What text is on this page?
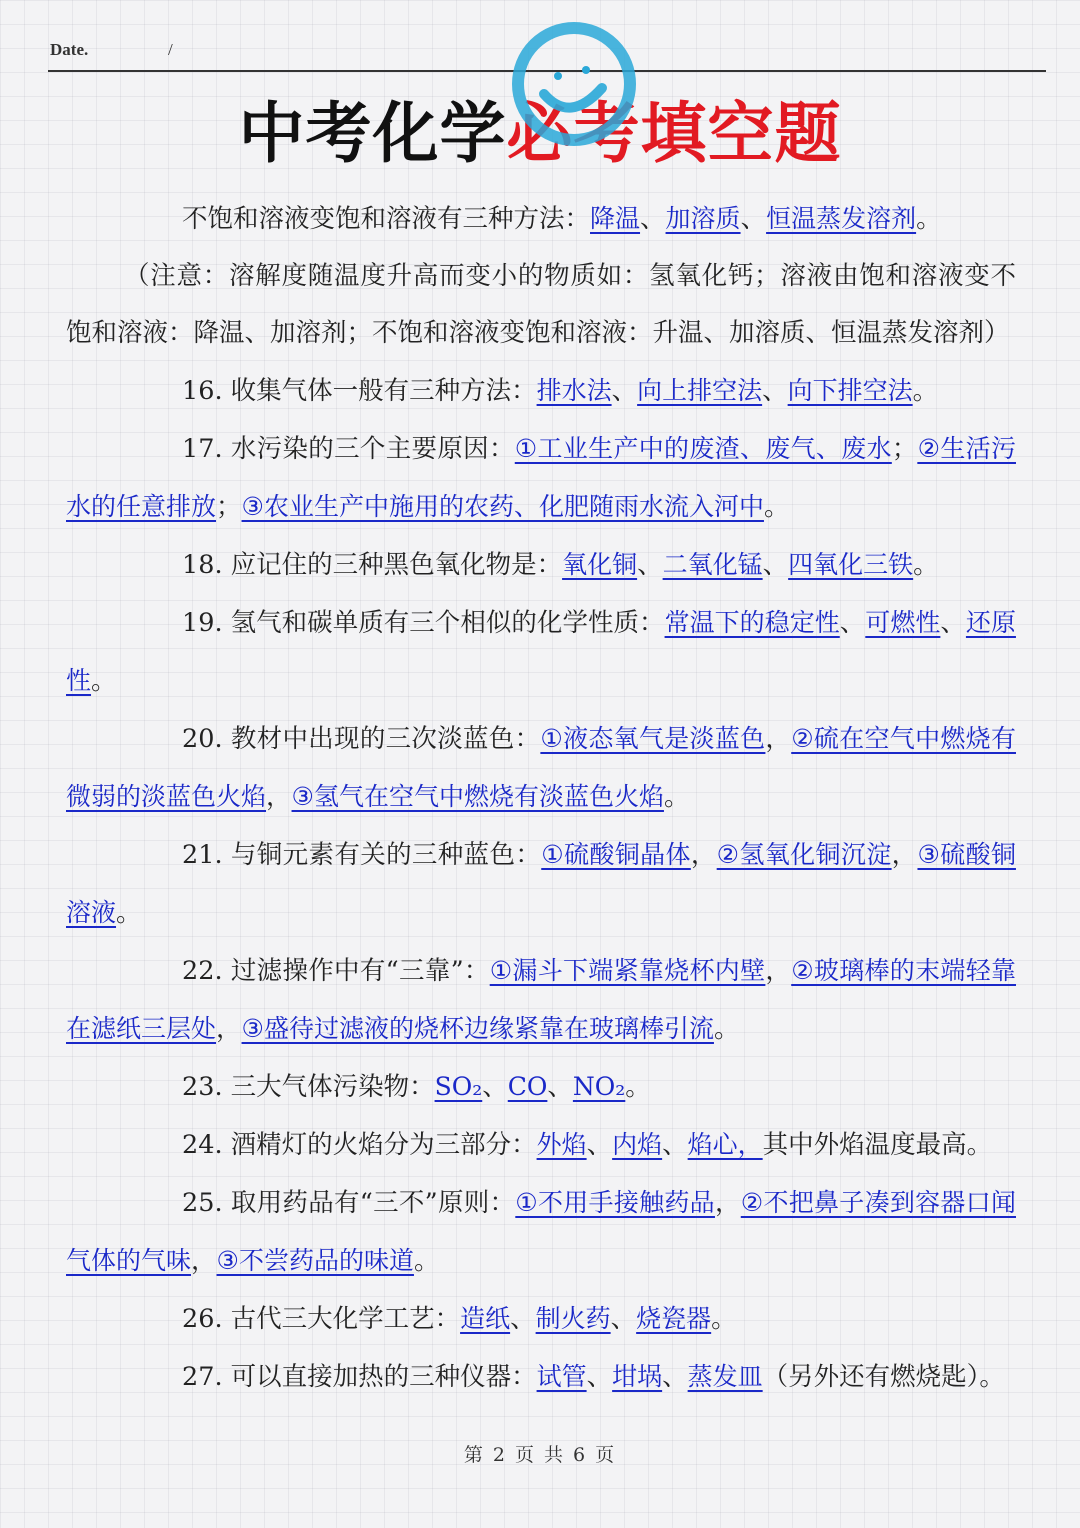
Date.	/
中考化学必考填空题

不饱和溶液变饱和溶液有三种方法：降温、加溶质、恒温蒸发溶剂。

（注意：溶解度随温度升高而变小的物质如：氢氧化钙；溶液由饱和溶液变不饱和溶液：降温、加溶剂；不饱和溶液变饱和溶液：升温、加溶质、恒温蒸发溶剂）

16. 收集气体一般有三种方法：排水法、向上排空法、向下排空法。

17. 水污染的三个主要原因：①工业生产中的废渣、废气、废水；②生活污水的任意排放；③农业生产中施用的农药、化肥随雨水流入河中。

18. 应记住的三种黑色氧化物是：氧化铜、二氧化锰、四氧化三铁。

19. 氢气和碳单质有三个相似的化学性质：常温下的稳定性、可燃性、还原性。

20. 教材中出现的三次淡蓝色：①液态氧气是淡蓝色，②硫在空气中燃烧有微弱的淡蓝色火焰，③氢气在空气中燃烧有淡蓝色火焰。

21. 与铜元素有关的三种蓝色：①硫酸铜晶体，②氢氧化铜沉淀，③硫酸铜溶液。

22. 过滤操作中有“三靠”：①漏斗下端紧靠烧杯内壁，②玻璃棒的末端轻靠在滤纸三层处，③盛待过滤液的烧杯边缘紧靠在玻璃棒引流。

23. 三大气体污染物：SO₂、CO、NO₂。

24. 酒精灯的火焰分为三部分：外焰、内焰、焰心，其中外焰温度最高。

25. 取用药品有“三不”原则：①不用手接触药品，②不把鼻子凑到容器口闻气体的气味，③不尝药品的味道。

26. 古代三大化学工艺：造纸、制火药、烧瓷器。

27. 可以直接加热的三种仪器：试管、坩埚、蒸发皿（另外还有燃烧匙）。

第 2 页 共 6 页
